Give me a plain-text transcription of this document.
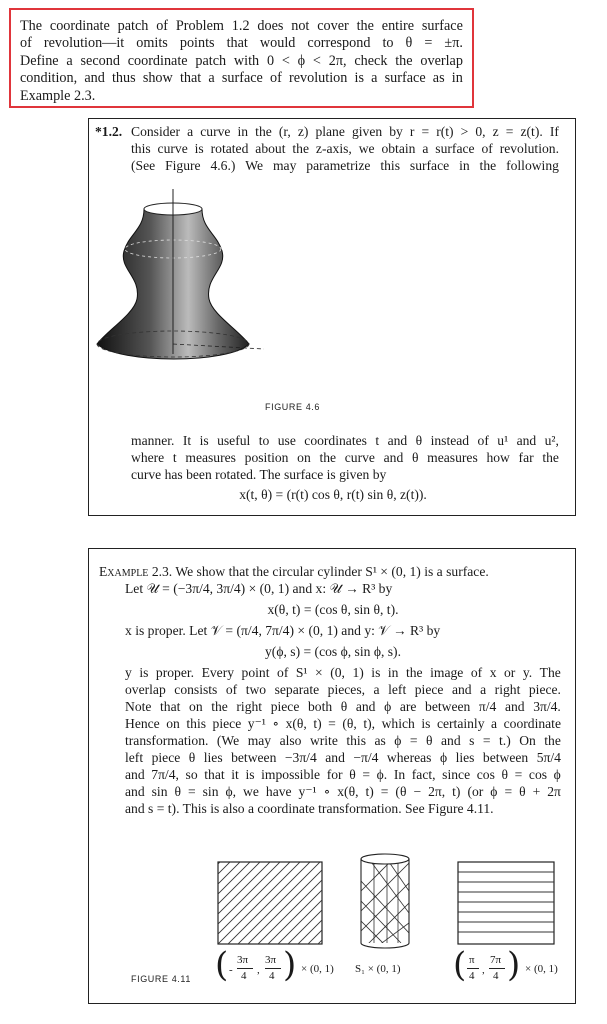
The coordinate patch of Problem 1.2 does not cover the entire surface
of revolution—it omits points that would correspond to θ = ±π.
Define a second coordinate patch with 0 < ϕ < 2π, check the overlap
condition, and thus show that a surface of revolution is a surface as in
Example 2.3.
*1.2. Consider a curve in the (r, z) plane given by r = r(t) > 0, z = z(t). If
this curve is rotated about the z-axis, we obtain a surface of revolution.
(See Figure 4.6.) We may parametrize this surface in the following
FIGURE 4.6
manner. It is useful to use coordinates t and θ instead of u¹ and u²,
where t measures position on the curve and θ measures how far the
curve has been rotated. The surface is given by
x(t, θ) = (r(t) cos θ, r(t) sin θ, z(t)).
Example 2.3. We show that the circular cylinder S¹ × (0, 1) is a surface.
Let 𝒰 = (−3π/4, 3π/4) × (0, 1) and x: 𝒰 → R³ by
x(θ, t) = (cos θ, sin θ, t).
x is proper. Let 𝒱 = (π/4, 7π/4) × (0, 1) and y: 𝒱 → R³ by
y(ϕ, s) = (cos ϕ, sin ϕ, s).
y is proper. Every point of S¹ × (0, 1) is in the image of x or y. The
overlap consists of two separate pieces, a left piece and a right piece.
Note that on the right piece both θ and ϕ are between π/4 and 3π/4.
Hence on this piece y⁻¹ ∘ x(θ, t) = (θ, t), which is certainly a coordinate
transformation. (We may also write this as ϕ = θ and s = t.) On the
left piece θ lies between −3π/4 and −π/4 whereas ϕ lies between 5π/4
and 7π/4, so that it is impossible for θ = ϕ. In fact, since cos θ = cos ϕ
and sin θ = sin ϕ, we have y⁻¹ ∘ x(θ, t) = (θ − 2π, t) (or ϕ = θ + 2π
and s = t). This is also a coordinate transformation. See Figure 4.11.
FIGURE 4.11 ( -
3π
4 ,
3π
4 ) × (0, 1) S₁ × (0, 1) ( π
4 ,
7π
4 ) × (0, 1)
